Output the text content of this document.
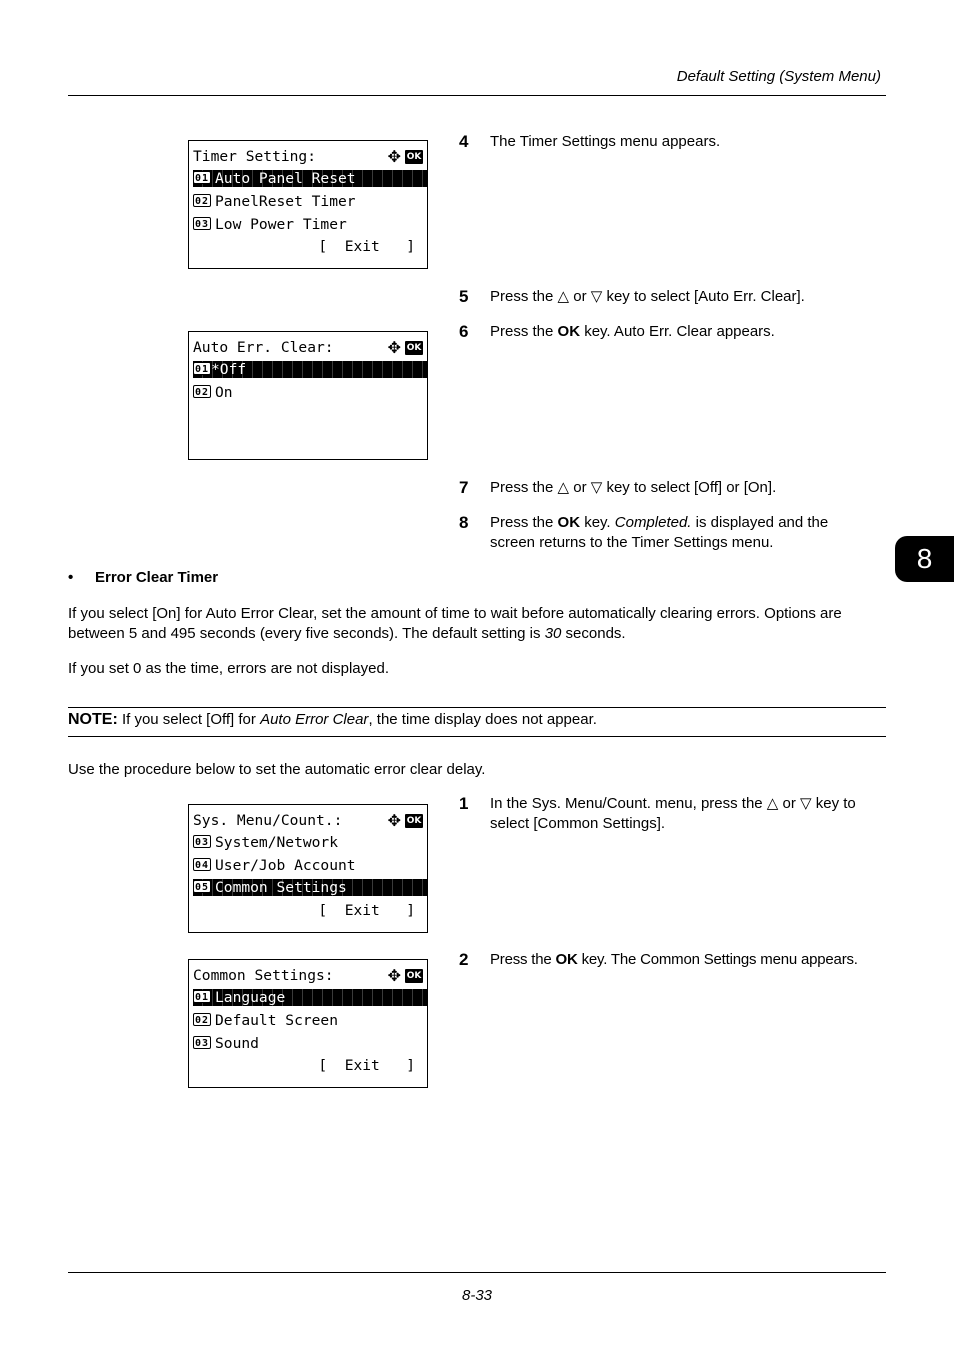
Default Setting (System Menu)
8
Timer Setting:	✥ OK
01 Auto Panel Reset
02 PanelReset Timer
03 Low Power Timer
[  Exit   ]
Auto Err. Clear:	✥ OK
01 *Off
02 On
4	The Timer Settings menu appears.
5	Press the △ or ▽ key to select [Auto Err. Clear].
6	Press the OK key. Auto Err. Clear appears.
7	Press the △ or ▽ key to select [Off] or [On].
8	Press the OK key. Completed. is displayed and the screen returns to the Timer Settings menu.
• Error Clear Timer
If you select [On] for Auto Error Clear, set the amount of time to wait before automatically clearing errors. Options are between 5 and 495 seconds (every five seconds). The default setting is 30 seconds.
If you set 0 as the time, errors are not displayed.
NOTE: If you select [Off] for Auto Error Clear, the time display does not appear.
Use the procedure below to set the automatic error clear delay.
Sys. Menu/Count.:	✥ OK
03 System/Network
04 User/Job Account
05 Common Settings
[  Exit   ]
Common Settings:	✥ OK
01 Language
02 Default Screen
03 Sound
[  Exit   ]
1	In the Sys. Menu/Count. menu, press the △ or ▽ key to select [Common Settings].
2	Press the OK key. The Common Settings menu appears.
8-33
